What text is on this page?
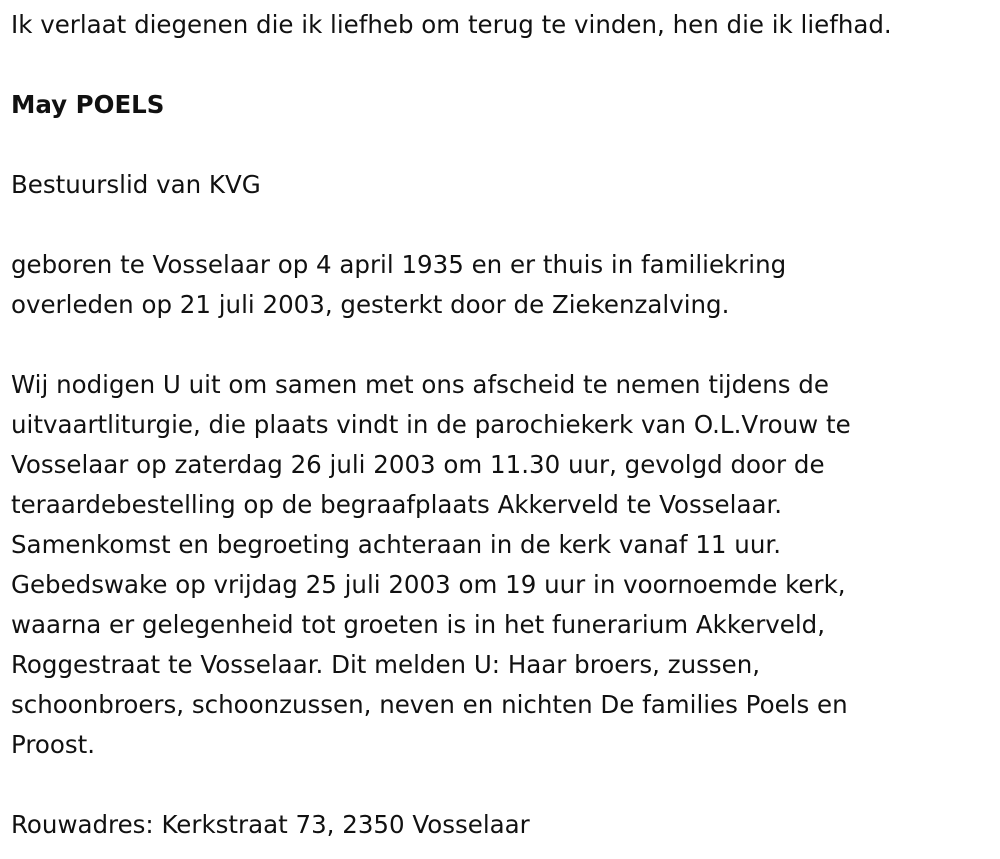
Ik verlaat diegenen die ik liefheb om terug te vinden, hen die ik liefhad.
May POELS
Bestuurslid van KVG
geboren te Vosselaar op 4 april 1935 en er thuis in familiekring
overleden op 21 juli 2003, gesterkt door de Ziekenzalving.
Wij nodigen U uit om samen met ons afscheid te nemen tijdens de
uitvaartliturgie, die plaats vindt in de parochiekerk van O.L.Vrouw te
Vosselaar op zaterdag 26 juli 2003 om 11.30 uur, gevolgd door de
teraardebestelling op de begraafplaats Akkerveld te Vosselaar.
Samenkomst en begroeting achteraan in de kerk vanaf 11 uur.
Gebedswake op vrijdag 25 juli 2003 om 19 uur in voornoemde kerk,
waarna er gelegenheid tot groeten is in het funerarium Akkerveld,
Roggestraat te Vosselaar. Dit melden U: Haar broers, zussen,
schoonbroers, schoonzussen, neven en nichten De families Poels en
Proost.
Rouwadres: Kerkstraat 73, 2350 Vosselaar
